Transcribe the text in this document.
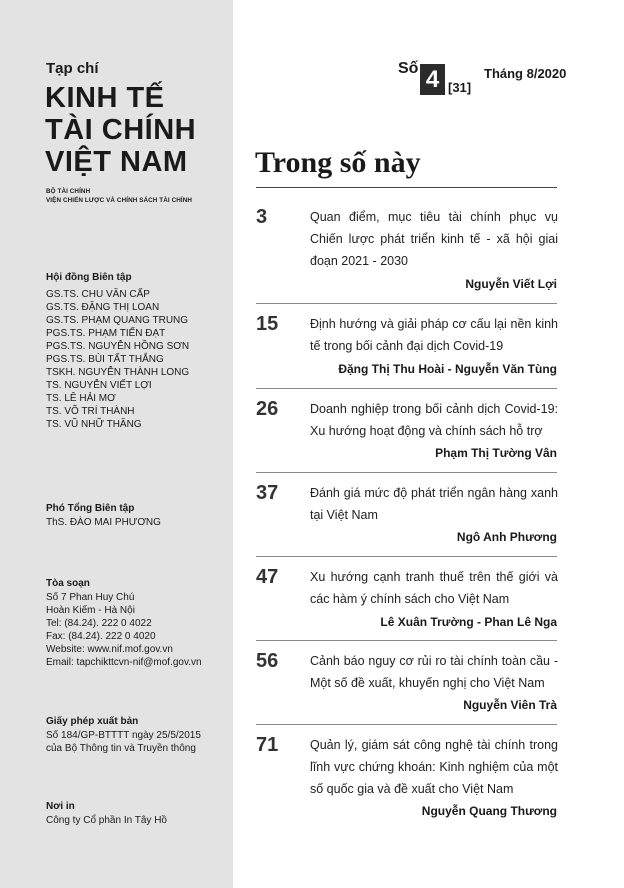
Tạp chí
KINH TẾ
TÀI CHÍNH
VIỆT NAM
BỘ TÀI CHÍNH
VIỆN CHIẾN LƯỢC VÀ CHÍNH SÁCH TÀI CHÍNH
Hội đồng Biên tập
GS.TS. CHU VĂN CẤP
GS.TS. ĐẶNG THỊ LOAN
GS.TS. PHẠM QUANG TRUNG
PGS.TS. PHẠM TIẾN ĐẠT
PGS.TS. NGUYỄN HỒNG SƠN
PGS.TS. BÙI TẤT THẮNG
TSKH. NGUYỄN THÀNH LONG
TS. NGUYỄN VIẾT LỢI
TS. LÊ HẢI MƠ
TS. VÕ TRÍ THÀNH
TS. VŨ NHỮ THĂNG
Phó Tổng Biên tập
ThS. ĐÀO MAI PHƯƠNG
Tòa soạn
Số 7 Phan Huy Chú
Hoàn Kiếm - Hà Nội
Tel: (84.24). 222 0 4022
Fax: (84.24). 222 0 4020
Website: www.nif.mof.gov.vn
Email: tapchikttcvn-nif@mof.gov.vn
Giấy phép xuất bản
Số 184/GP-BTTTT ngày 25/5/2015
của Bộ Thông tin và Truyền thông
Nơi in
Công ty Cổ phần In Tây Hồ
Số 4 [31]
Tháng 8/2020
Trong số này
3	Quan điểm, mục tiêu tài chính phục vụ Chiến lược phát triển kinh tế - xã hội giai đoạn 2021 - 2030
Nguyễn Viết Lợi
15	Định hướng và giải pháp cơ cấu lại nền kinh tế trong bối cảnh đại dịch Covid-19
Đặng Thị Thu Hoài - Nguyễn Văn Tùng
26	Doanh nghiệp trong bối cảnh dịch Covid-19: Xu hướng hoạt động và chính sách hỗ trợ
Phạm Thị Tường Vân
37	Đánh giá mức độ phát triển ngân hàng xanh tại Việt Nam
Ngô Anh Phương
47	Xu hướng cạnh tranh thuế trên thế giới và các hàm ý chính sách cho Việt Nam
Lê Xuân Trường - Phan Lê Nga
56	Cảnh báo nguy cơ rủi ro tài chính toàn cầu - Một số đề xuất, khuyến nghị cho Việt Nam
Nguyễn Viên Trà
71	Quản lý, giám sát công nghệ tài chính trong lĩnh vực chứng khoán: Kinh nghiệm của một số quốc gia và đề xuất cho Việt Nam
Nguyễn Quang Thương
